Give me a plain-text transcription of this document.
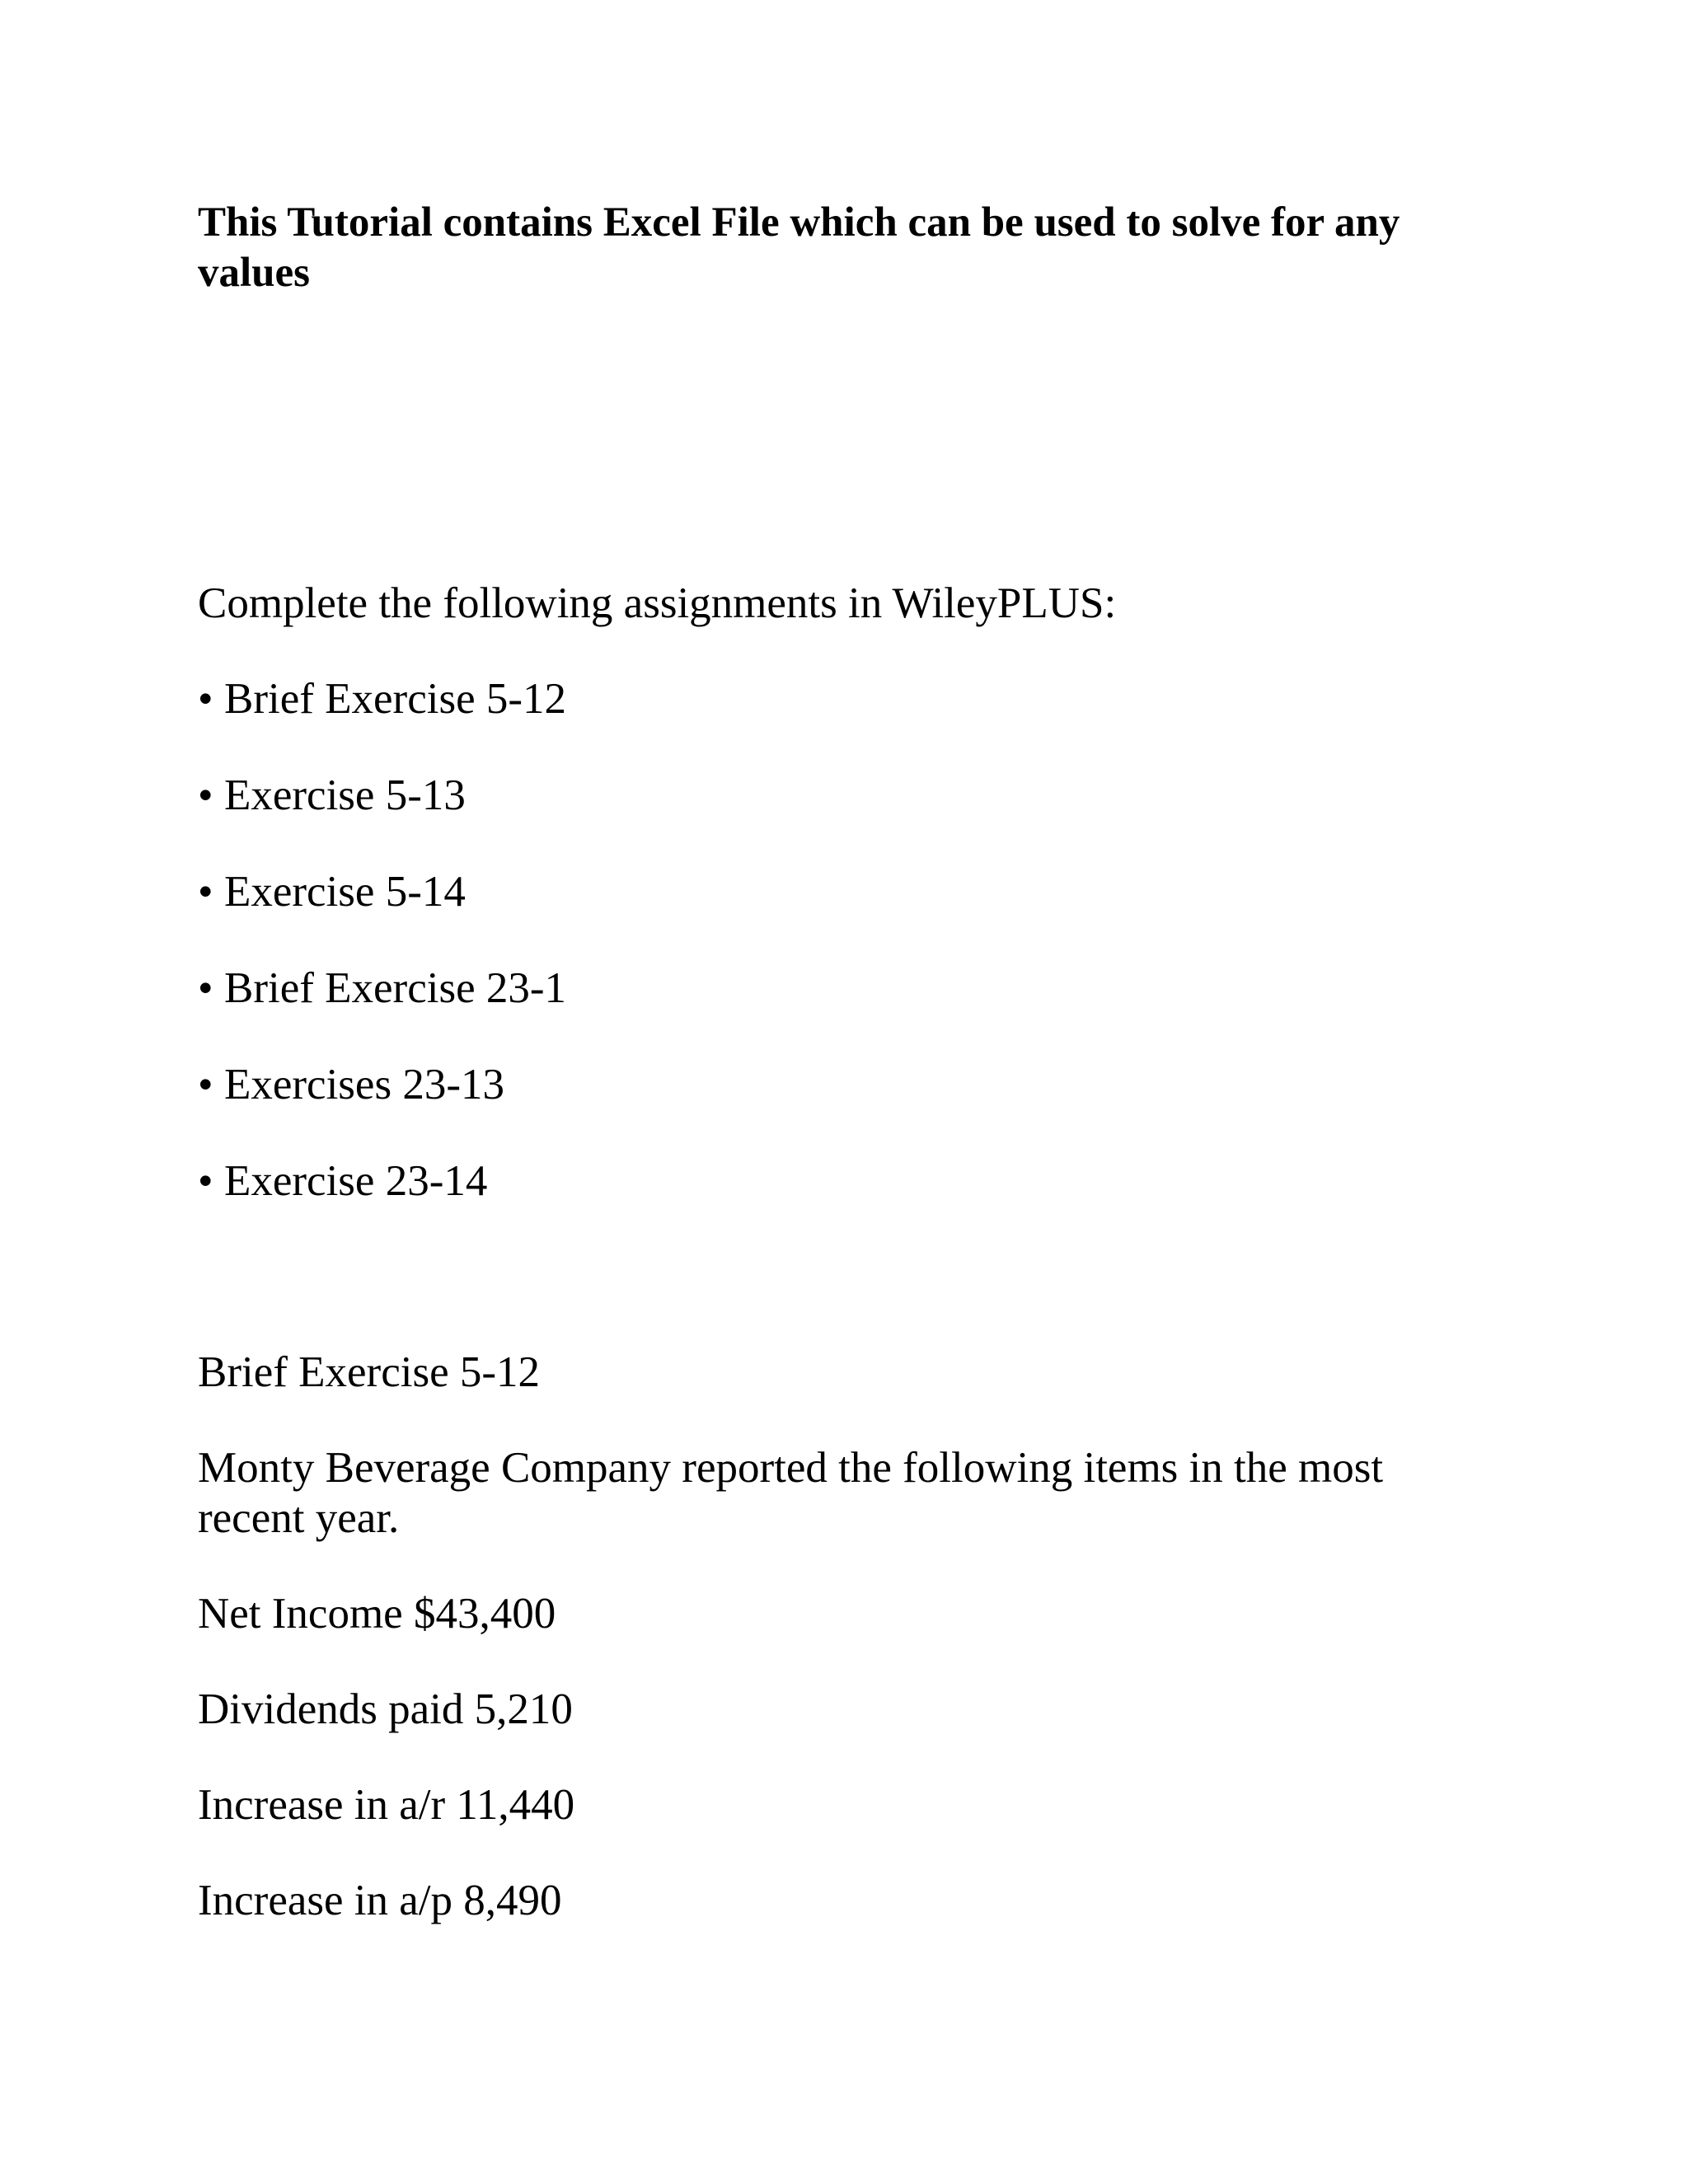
This Tutorial contains Excel File which can be used to solve for any values

Complete the following assignments in WileyPLUS:

• Brief Exercise 5-12
• Exercise 5-13
• Exercise 5-14
• Brief Exercise 23-1
• Exercises 23-13
• Exercise 23-14

Brief Exercise 5-12

Monty Beverage Company reported the following items in the most recent year.

Net Income $43,400

Dividends paid 5,210

Increase in a/r 11,440

Increase in a/p 8,490
